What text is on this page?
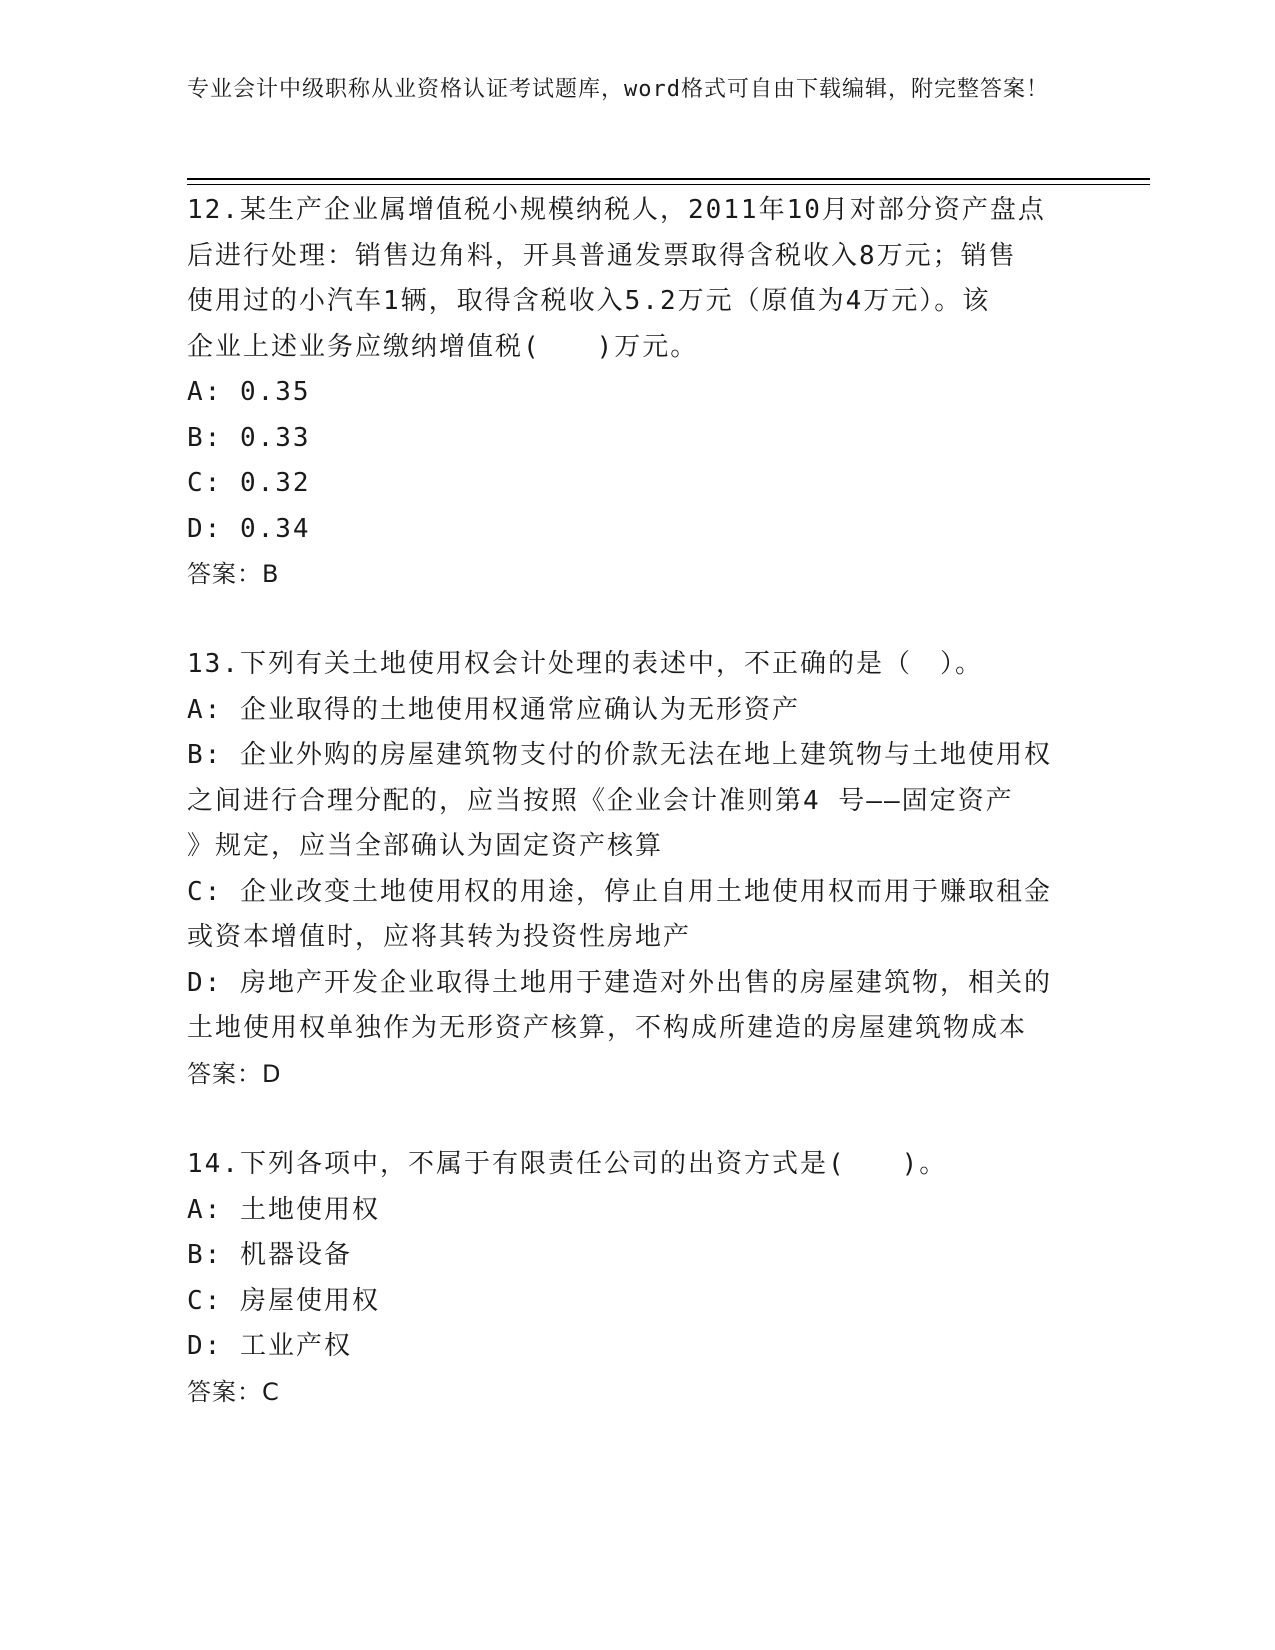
专业会计中级职称从业资格认证考试题库，word格式可自由下载编辑，附完整答案！
12.某生产企业属增值税小规模纳税人，2011年10月对部分资产盘点
后进行处理：销售边角料，开具普通发票取得含税收入8万元；销售
使用过的小汽车1辆，取得含税收入5.2万元（原值为4万元）。该
企业上述业务应缴纳增值税(　　)万元。
A: 0.35
B: 0.33
C: 0.32
D: 0.34
答案：B
13.下列有关土地使用权会计处理的表述中，不正确的是（　）。
A: 企业取得的土地使用权通常应确认为无形资产
B: 企业外购的房屋建筑物支付的价款无法在地上建筑物与土地使用权
之间进行合理分配的，应当按照《企业会计准则第4 号——固定资产
》规定，应当全部确认为固定资产核算
C: 企业改变土地使用权的用途，停止自用土地使用权而用于赚取租金
或资本增值时，应将其转为投资性房地产
D: 房地产开发企业取得土地用于建造对外出售的房屋建筑物，相关的
土地使用权单独作为无形资产核算，不构成所建造的房屋建筑物成本
答案：D
14.下列各项中，不属于有限责任公司的出资方式是(　　)。
A: 土地使用权
B: 机器设备
C: 房屋使用权
D: 工业产权
答案：C
